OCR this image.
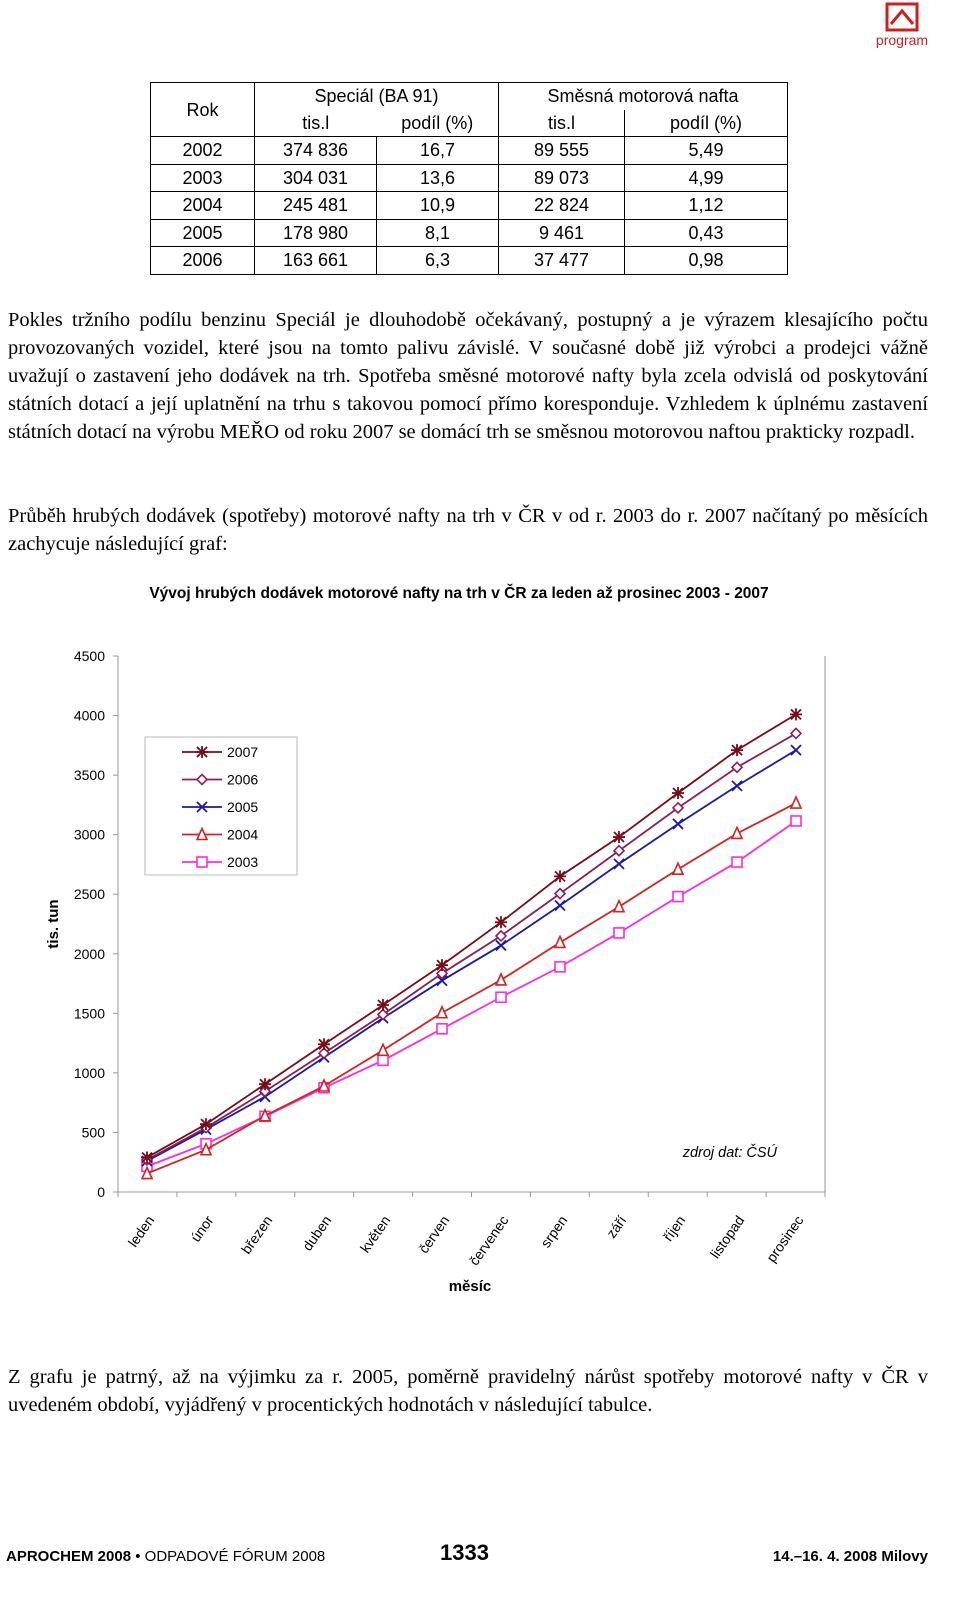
program
Rok	Speciál (BA 91)		Směsná motorová nafta	
	tis.l	podíl (%)	tis.l	podíl (%)
2002	374 836	16,7	89 555	5,49
2003	304 031	13,6	89 073	4,99
2004	245 481	10,9	22 824	1,12
2005	178 980	8,1	9 461	0,43
2006	163 661	6,3	37 477	0,98

Pokles tržního podílu benzinu Speciál je dlouhodobě očekávaný, postupný a je výrazem klesajícího počtu provozovaných vozidel, které jsou na tomto palivu závislé. V současné době již výrobci a prodejci vážně uvažují o zastavení jeho dodávek na trh. Spotřeba směsné motorové nafty byla zcela odvislá od poskytování státních dotací a její uplatnění na trhu s takovou pomocí přímo koresponduje. Vzhledem k úplnému zastavení státních dotací na výrobu MEŘO od roku 2007 se domácí trh se směsnou motorovou naftou prakticky rozpadl.

Průběh hrubých dodávek (spotřeby) motorové nafty na trh v ČR v od r. 2003 do r. 2007 načítaný po měsících zachycuje následující graf:

Vývoj hrubých dodávek motorové nafty na trh v ČR za leden až prosinec 2003 - 2007
0
500
1000
1500
2000
2500
3000
3500
4000
4500
leden únor březen duben květen červen červenec srpen září říjen listopad prosinec
měsíc
tis. tun
zdroj dat: ČSÚ
2007
2006
2005
2004
2003

Z grafu je patrný, až na výjimku za r. 2005, poměrně pravidelný nárůst spotřeby motorové nafty v ČR v uvedeném období, vyjádřený v procentických hodnotách v následující tabulce.

APROCHEM 2008 • ODPADOVÉ FÓRUM 2008	1333	14.–16. 4. 2008 Milovy
